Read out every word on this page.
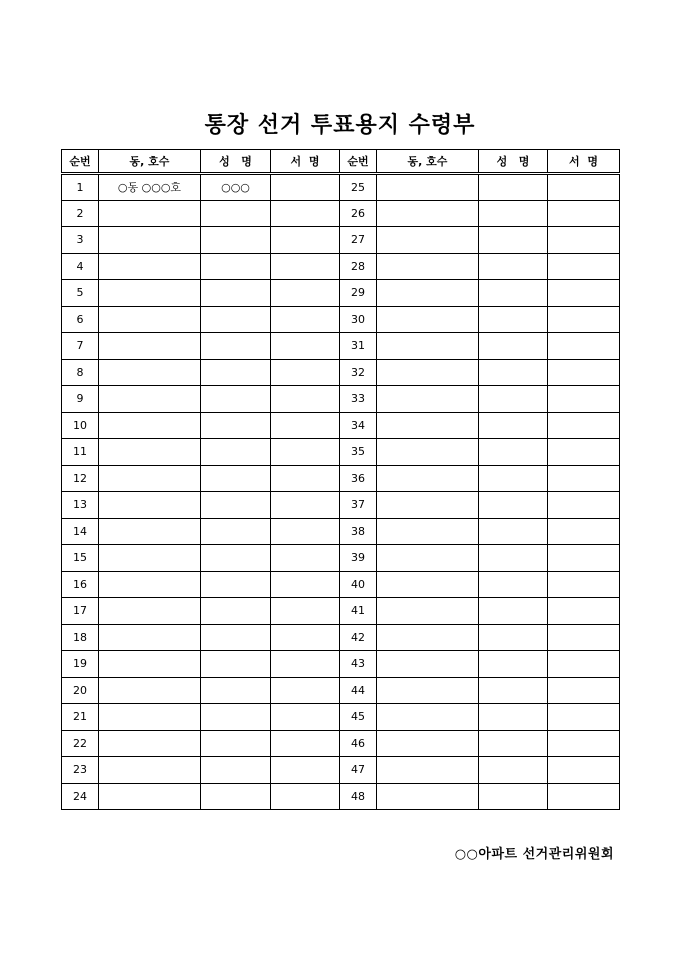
통장 선거 투표용지 수령부
순번	동, 호수	성   명	서  명	순번	동, 호수	성   명	서  명
1	○동 ○○○호	○○○		25			
2				26			
3				27			
4				28			
5				29			
6				30			
7				31			
8				32			
9				33			
10				34			
11				35			
12				36			
13				37			
14				38			
15				39			
16				40			
17				41			
18				42			
19				43			
20				44			
21				45			
22				46			
23				47			
24				48			
○○아파트 선거관리위원회
